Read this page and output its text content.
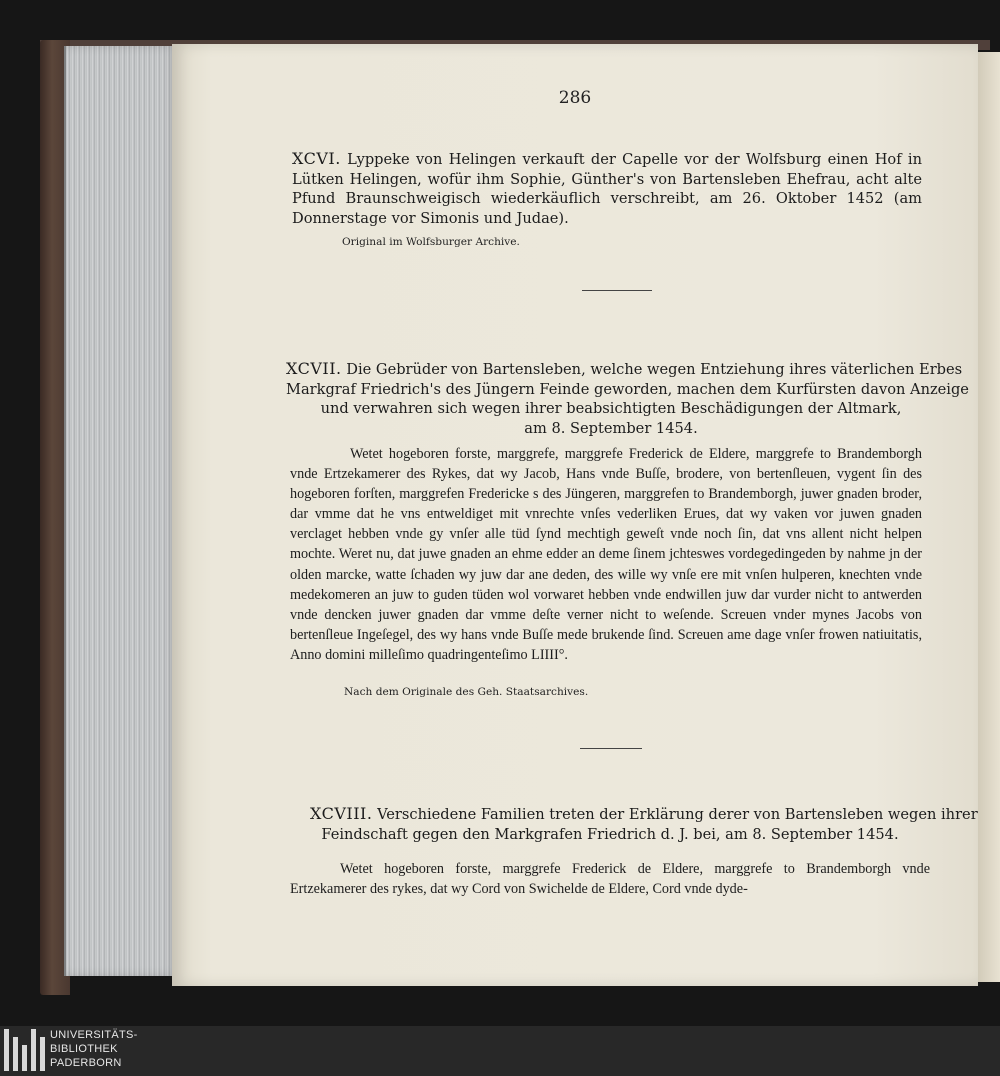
286
XCVI. Lyppeke von Helingen verkauft der Capelle vor der Wolfsburg einen Hof in Lütken Helingen, wofür ihm Sophie, Günther's von Bartensleben Ehefrau, acht alte Pfund Braunschweigisch wiederkäuflich verschreibt, am 26. Oktober 1452 (am Donnerstage vor Simonis und Judae).
Original im Wolfsburger Archive.
XCVII. Die Gebrüder von Bartensleben, welche wegen Entziehung ihres väterlichen Erbes
Markgraf Friedrich's des Jüngern Feinde geworden, machen dem Kurfürsten davon Anzeige
und verwahren sich wegen ihrer beabsichtigten Beschädigungen der Altmark,
am 8. September 1454.
Wetet hogeboren forste, marggrefe, marggrefe Frederick de Eldere, marggrefe to Brandemborgh vnde Ertzekamerer des Rykes, dat wy Jacob, Hans vnde Buſſe, brodere, von bertenſleuen, vygent ſin des hogeboren forſten, marggrefen Fredericke s des Jüngeren, marggrefen to Brandemborgh, juwer gnaden broder, dar vmme dat he vns entweldiget mit vnrechte vnſes vederliken Erues, dat wy vaken vor juwen gnaden verclaget hebben vnde gy vnſer alle tüd ſynd mechtigh geweſt vnde noch ſin, dat vns allent nicht helpen mochte. Weret nu, dat juwe gnaden an ehme edder an deme ſinem jchteswes vordegedingeden by nahme jn der olden marcke, watte ſchaden wy juw dar ane deden, des wille wy vnſe ere mit vnſen hulperen, knechten vnde medekomeren an juw to guden tüden wol vorwaret hebben vnde endwillen juw dar vurder nicht to antwerden vnde dencken juwer gnaden dar vmme deſte verner nicht to weſende. Screuen vnder mynes Jacobs von bertenſleue Ingeſegel, des wy hans vnde Buſſe mede brukende ſind. Screuen ame dage vnſer frowen natiuitatis, Anno domini milleſimo quadringenteſimo LIIII°.
Nach dem Originale des Geh. Staatsarchives.
XCVIII. Verschiedene Familien treten der Erklärung derer von Bartensleben wegen ihrer
Feindschaft gegen den Markgrafen Friedrich d. J. bei, am 8. September 1454.
Wetet hogeboren forste, marggrefe Frederick de Eldere, marggrefe to Brandemborgh vnde Ertzekamerer des rykes, dat wy Cord von Swichelde de Eldere, Cord vnde dyde-
UNIVERSITÄTS-
BIBLIOTHEK
PADERBORN
